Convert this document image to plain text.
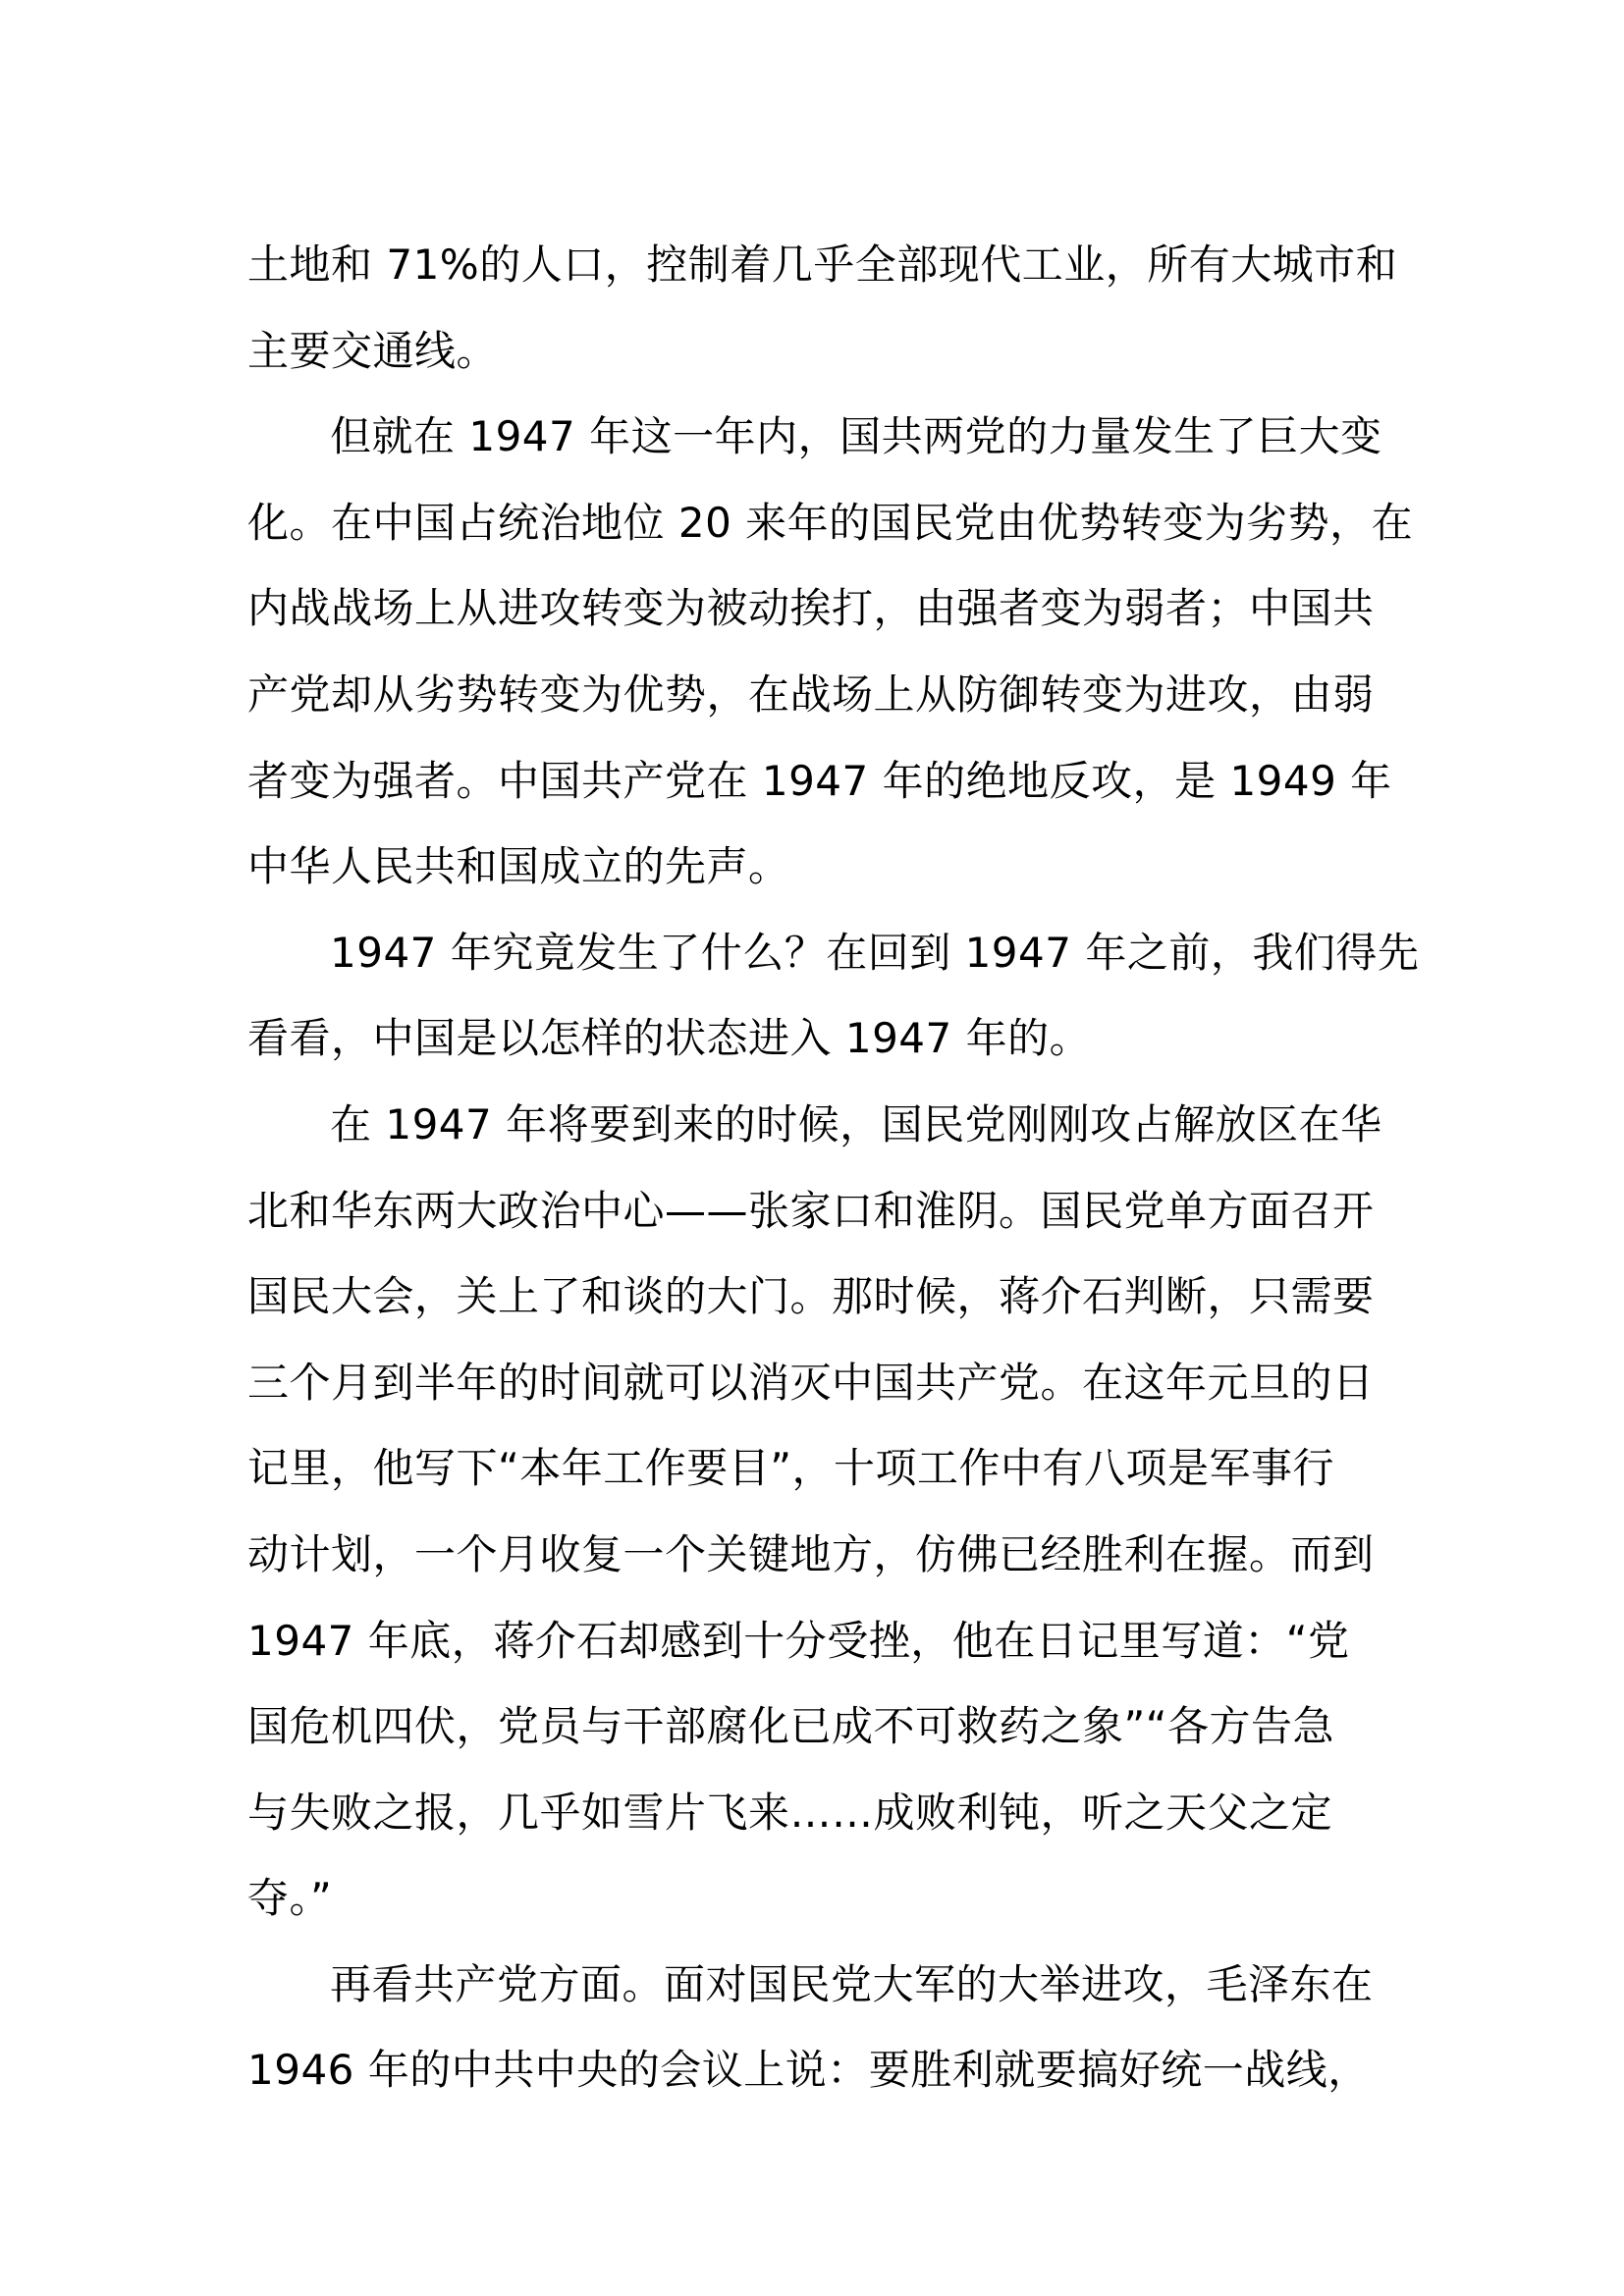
土地和 71%的人口，控制着几乎全部现代工业，所有大城市和
主要交通线。
但就在 1947 年这一年内，国共两党的力量发生了巨大变
化。在中国占统治地位 20 来年的国民党由优势转变为劣势，在
内战战场上从进攻转变为被动挨打，由强者变为弱者；中国共
产党却从劣势转变为优势，在战场上从防御转变为进攻，由弱
者变为强者。中国共产党在 1947 年的绝地反攻，是 1949 年
中华人民共和国成立的先声。
1947 年究竟发生了什么？在回到 1947 年之前，我们得先
看看，中国是以怎样的状态进入 1947 年的。
在 1947 年将要到来的时候，国民党刚刚攻占解放区在华
北和华东两大政治中心——张家口和淮阴。国民党单方面召开
国民大会，关上了和谈的大门。那时候，蒋介石判断，只需要
三个月到半年的时间就可以消灭中国共产党。在这年元旦的日
记里，他写下“本年工作要目”，十项工作中有八项是军事行
动计划，一个月收复一个关键地方，仿佛已经胜利在握。而到
1947 年底，蒋介石却感到十分受挫，他在日记里写道：“党
国危机四伏，党员与干部腐化已成不可救药之象”“各方告急
与失败之报，几乎如雪片飞来……成败利钝，听之天父之定
夺。”
再看共产党方面。面对国民党大军的大举进攻，毛泽东在
1946 年的中共中央的会议上说：要胜利就要搞好统一战线，
